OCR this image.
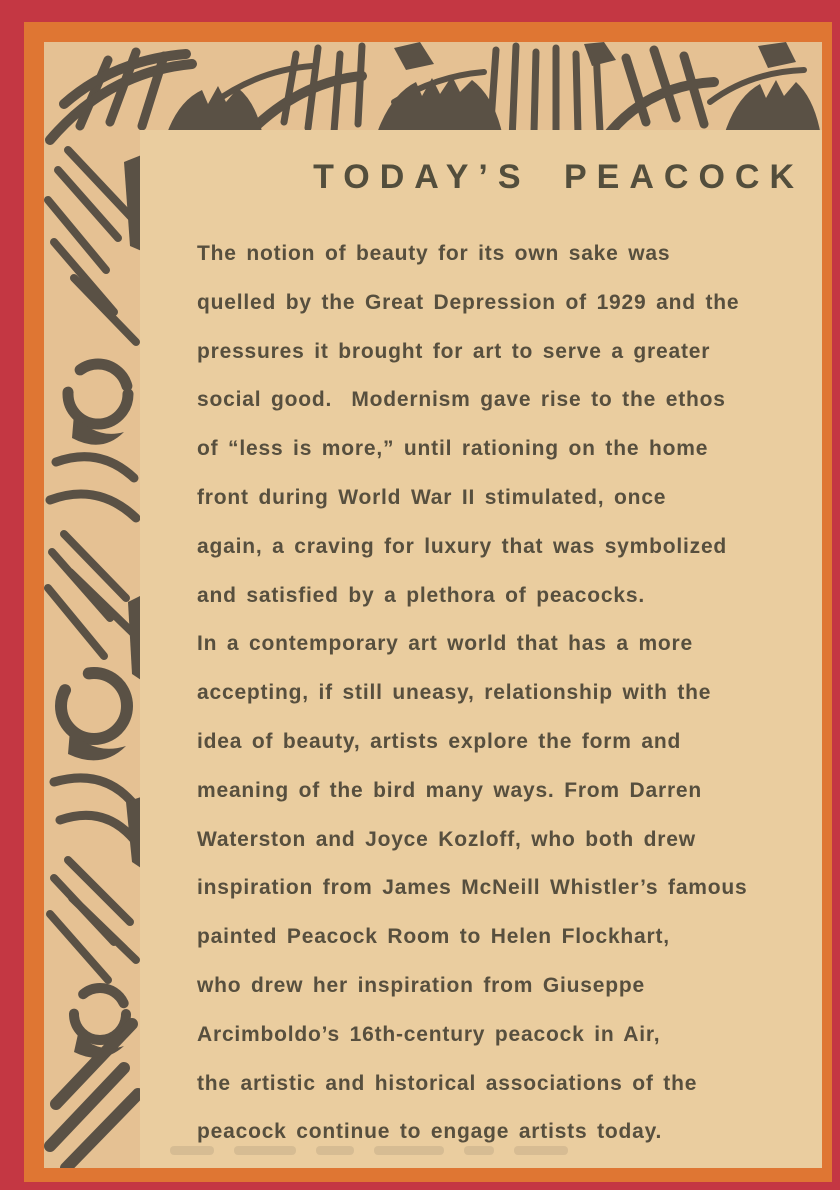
TODAY’S PEACOCK
The notion of beauty for its own sake was
quelled by the Great Depression of 1929 and the
pressures it brought for art to serve a greater
social good.  Modernism gave rise to the ethos
of “less is more,” until rationing on the home
front during World War II stimulated, once
again, a craving for luxury that was symbolized
and satisfied by a plethora of peacocks.
In a contemporary art world that has a more
accepting, if still uneasy, relationship with the
idea of beauty, artists explore the form and
meaning of the bird many ways. From Darren
Waterston and Joyce Kozloff, who both drew
inspiration from James McNeill Whistler’s famous
painted Peacock Room to Helen Flockhart,
who drew her inspiration from Giuseppe
Arcimboldo’s 16th-century peacock in Air,
the artistic and historical associations of the
peacock continue to engage artists today.
